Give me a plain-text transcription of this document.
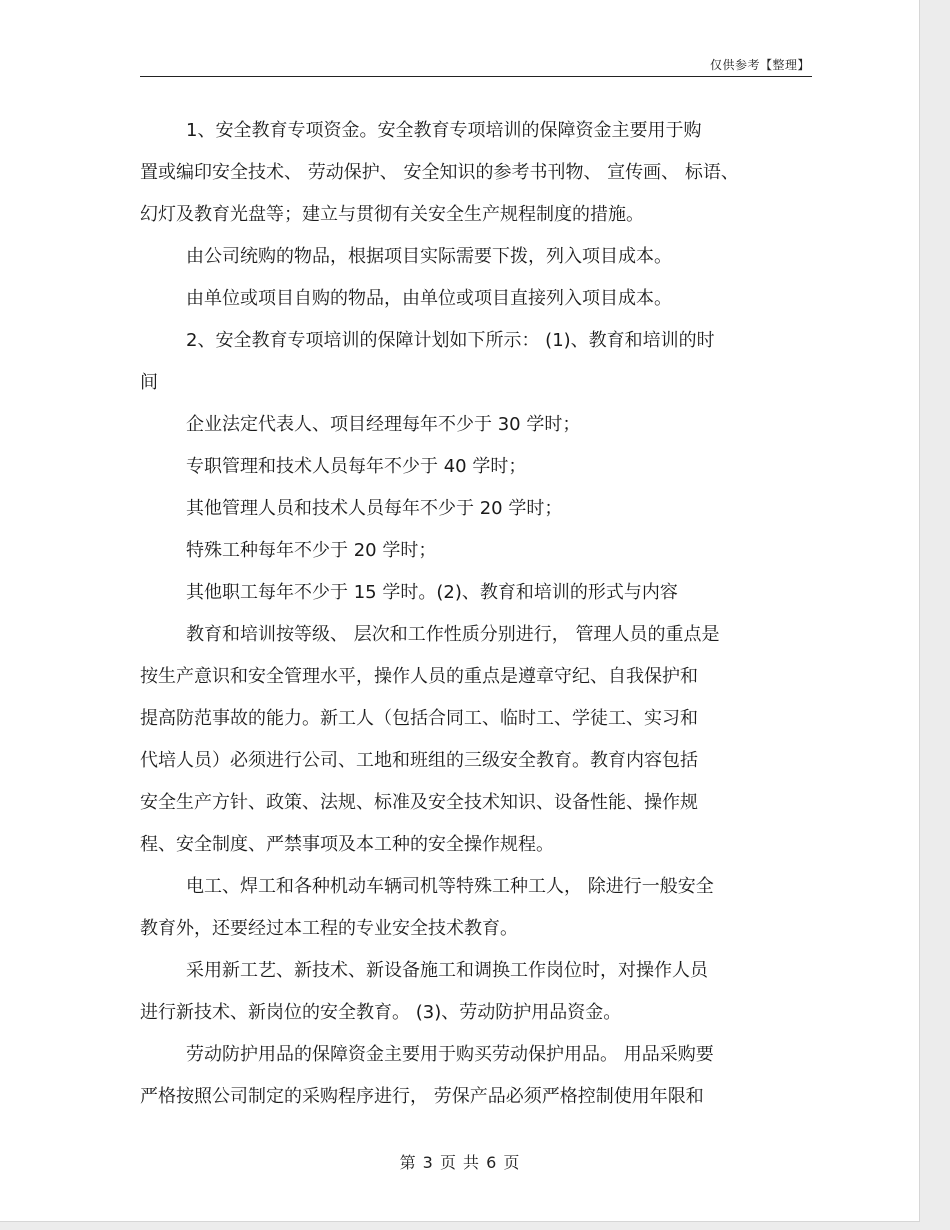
仅供参考【整理】
1、安全教育专项资金。安全教育专项培训的保障资金主要用于购
置或编印安全技术、 劳动保护、 安全知识的参考书刊物、 宣传画、 标语、
幻灯及教育光盘等；建立与贯彻有关安全生产规程制度的措施。
由公司统购的物品，根据项目实际需要下拨，列入项目成本。
由单位或项目自购的物品，由单位或项目直接列入项目成本。
2、安全教育专项培训的保障计划如下所示： (1)、教育和培训的时
间
企业法定代表人、项目经理每年不少于 30 学时；
专职管理和技术人员每年不少于 40 学时；
其他管理人员和技术人员每年不少于 20 学时；
特殊工种每年不少于 20 学时；
其他职工每年不少于 15 学时。(2)、教育和培训的形式与内容
教育和培训按等级、 层次和工作性质分别进行， 管理人员的重点是
按生产意识和安全管理水平，操作人员的重点是遵章守纪、自我保护和
提高防范事故的能力。新工人（包括合同工、临时工、学徒工、实习和
代培人员）必须进行公司、工地和班组的三级安全教育。教育内容包括
安全生产方针、政策、法规、标准及安全技术知识、设备性能、操作规
程、安全制度、严禁事项及本工种的安全操作规程。
电工、焊工和各种机动车辆司机等特殊工种工人， 除进行一般安全
教育外，还要经过本工程的专业安全技术教育。
采用新工艺、新技术、新设备施工和调换工作岗位时，对操作人员
进行新技术、新岗位的安全教育。 (3)、劳动防护用品资金。
劳动防护用品的保障资金主要用于购买劳动保护用品。 用品采购要
严格按照公司制定的采购程序进行， 劳保产品必须严格控制使用年限和
第 3 页 共 6 页
